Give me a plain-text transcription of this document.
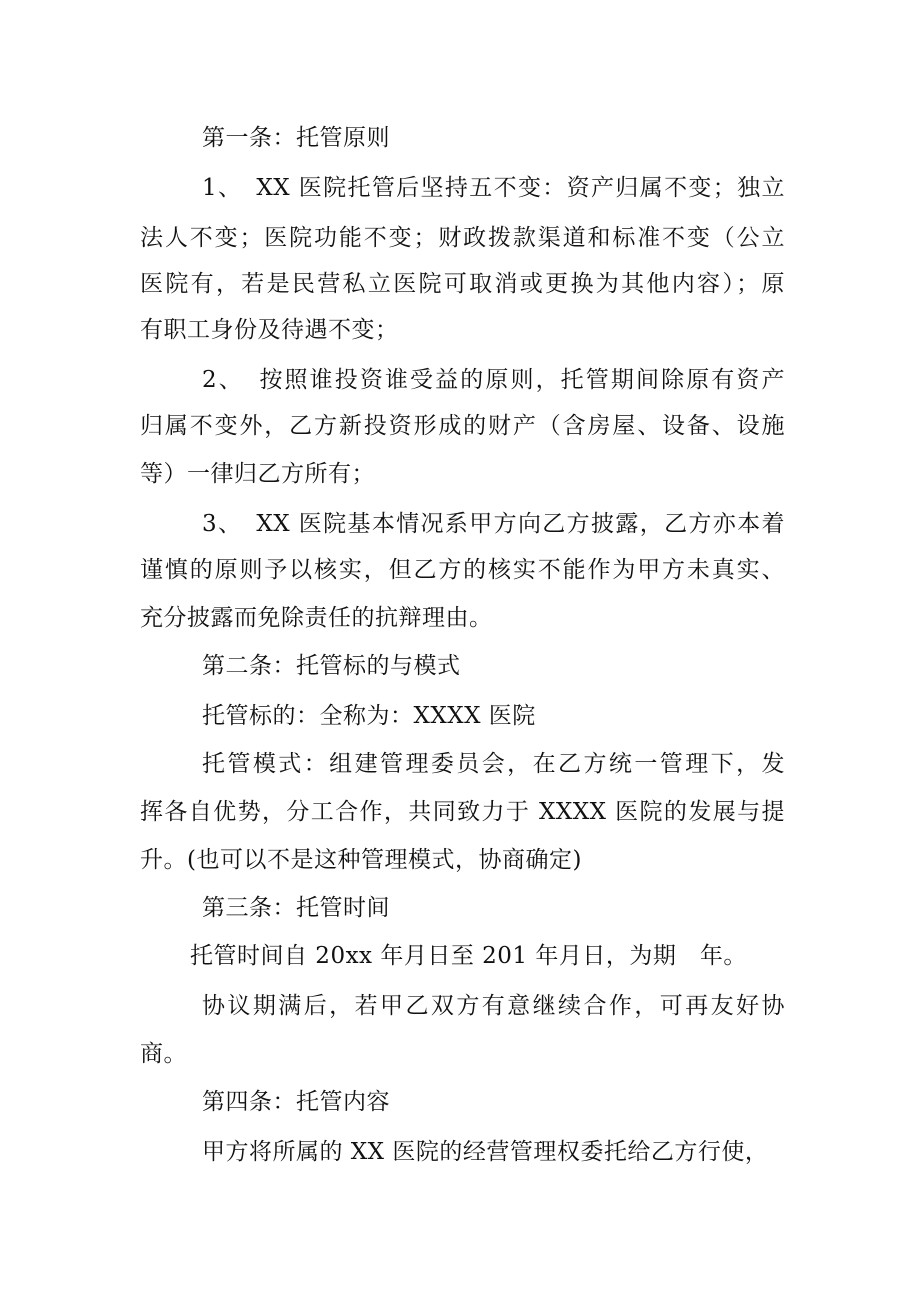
第一条：托管原则
1、 XX 医院托管后坚持五不变：资产归属不变；独立
法人不变；医院功能不变；财政拨款渠道和标准不变（公立
医院有，若是民营私立医院可取消或更换为其他内容）；原
有职工身份及待遇不变；
2、 按照谁投资谁受益的原则，托管期间除原有资产
归属不变外，乙方新投资形成的财产（含房屋、设备、设施
等）一律归乙方所有；
3、 XX 医院基本情况系甲方向乙方披露，乙方亦本着
谨慎的原则予以核实，但乙方的核实不能作为甲方未真实、
充分披露而免除责任的抗辩理由。
第二条：托管标的与模式
托管标的：全称为：XXXX 医院
托管模式：组建管理委员会，在乙方统一管理下，发
挥各自优势，分工合作，共同致力于 XXXX 医院的发展与提
升。(也可以不是这种管理模式，协商确定)
第三条：托管时间
托管时间自 20xx 年月日至 201 年月日，为期　年。
协议期满后，若甲乙双方有意继续合作，可再友好协
商。
第四条：托管内容
甲方将所属的 XX 医院的经营管理权委托给乙方行使，
